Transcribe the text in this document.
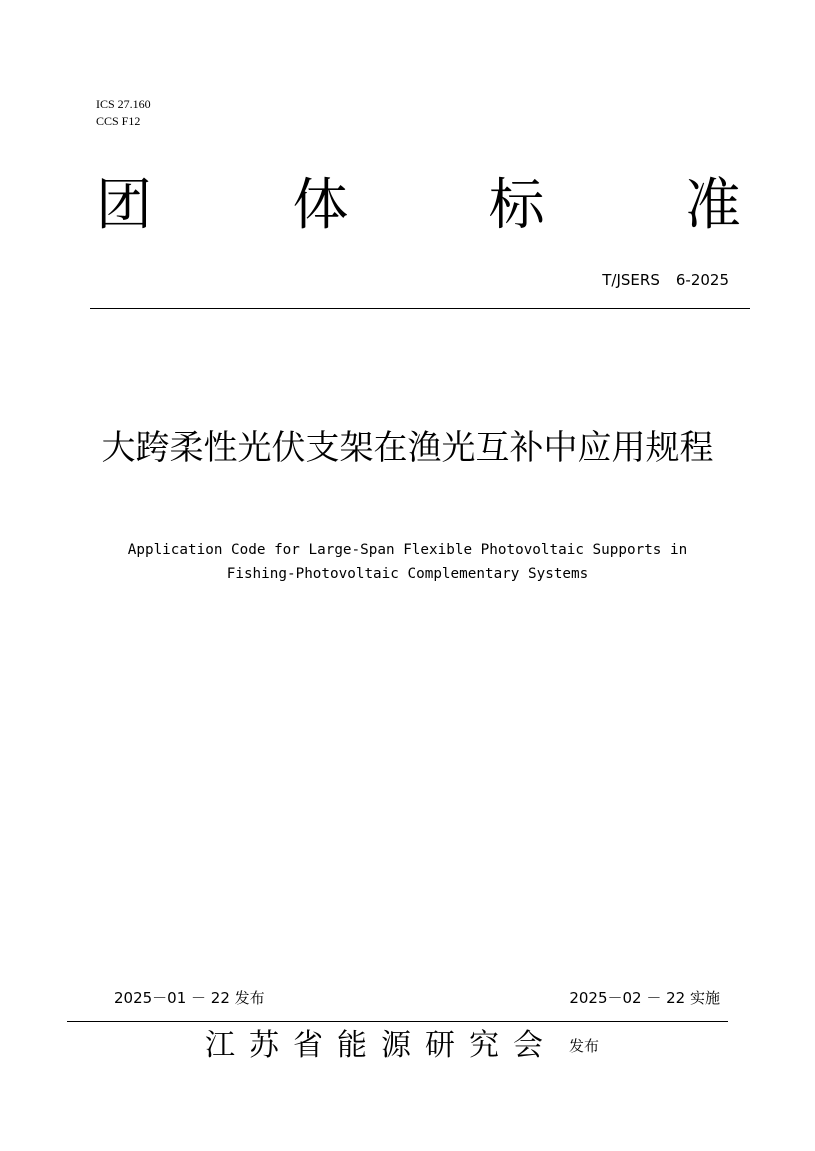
ICS 27.160
CCS F12
团	体	标	准
T/JSERS 6-2025
大跨柔性光伏支架在渔光互补中应用规程
Application Code for Large-Span Flexible Photovoltaic Supports in
Fishing-Photovoltaic Complementary Systems
2025－01 － 22 发布	2025－02 － 22 实施
江苏省能源研究会 发布
